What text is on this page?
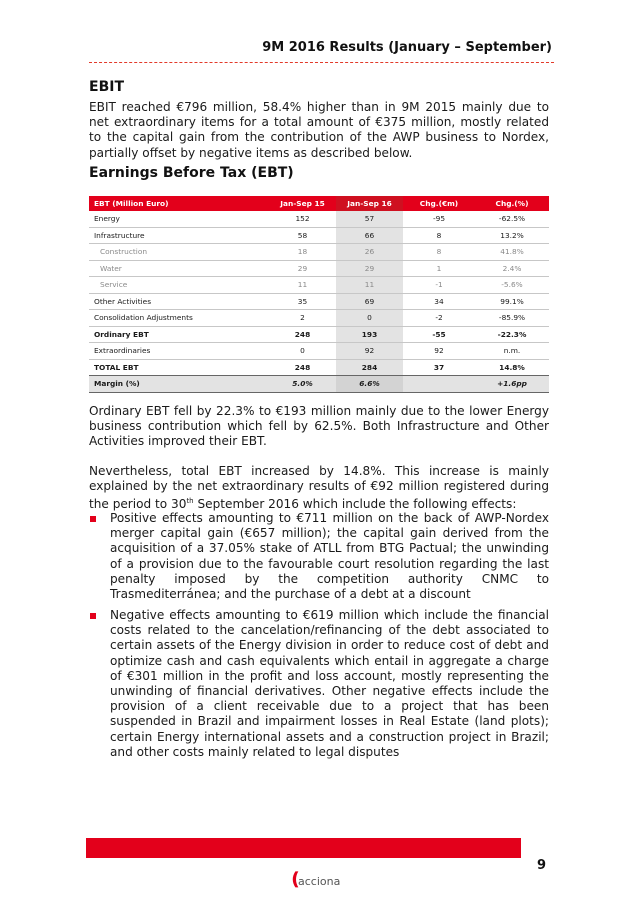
9M 2016 Results (January – September)
EBIT
EBIT reached €796 million, 58.4% higher than in 9M 2015 mainly due to net extraordinary items for a total amount of €375 million, mostly related to the capital gain from the contribution of the AWP business to Nordex, partially offset by negative items as described below.
Earnings Before Tax (EBT)
EBT (Million Euro)	Jan-Sep 15	Jan-Sep 16	Chg.(€m)	Chg.(%)
Energy	152	57	-95	-62.5%
Infrastructure	58	66	8	13.2%
Construction	18	26	8	41.8%
Water	29	29	1	2.4%
Service	11	11	-1	-5.6%
Other Activities	35	69	34	99.1%
Consolidation Adjustments	2	0	-2	-85.9%
Ordinary EBT	248	193	-55	-22.3%
Extraordinaries	0	92	92	n.m.
TOTAL EBT	248	284	37	14.8%
Margin (%)	5.0%	6.6%		+1.6pp
Ordinary EBT fell by 22.3% to €193 million mainly due to the lower Energy business contribution which fell by 62.5%. Both Infrastructure and Other Activities improved their EBT.
Nevertheless, total EBT increased by 14.8%. This increase is mainly explained by the net extraordinary results of €92 million registered during the period to 30th September 2016 which include the following effects:
Positive effects amounting to €711 million on the back of AWP-Nordex merger capital gain (€657 million); the capital gain derived from the acquisition of a 37.05% stake of ATLL from BTG Pactual; the unwinding of a provision due to the favourable court resolution regarding the last penalty imposed by the competition authority CNMC to Trasmediterránea; and the purchase of a debt at a discount
Negative effects amounting to €619 million which include the financial costs related to the cancelation/refinancing of the debt associated to certain assets of the Energy division in order to reduce cost of debt and optimize cash and cash equivalents which entail in aggregate a charge of €301 million in the profit and loss account, mostly representing the unwinding of financial derivatives. Other negative effects include the provision of a client receivable due to a project that has been suspended in Brazil and impairment losses in Real Estate (land plots); certain Energy international assets and a construction project in Brazil; and other costs mainly related to legal disputes
9
❪
acciona
